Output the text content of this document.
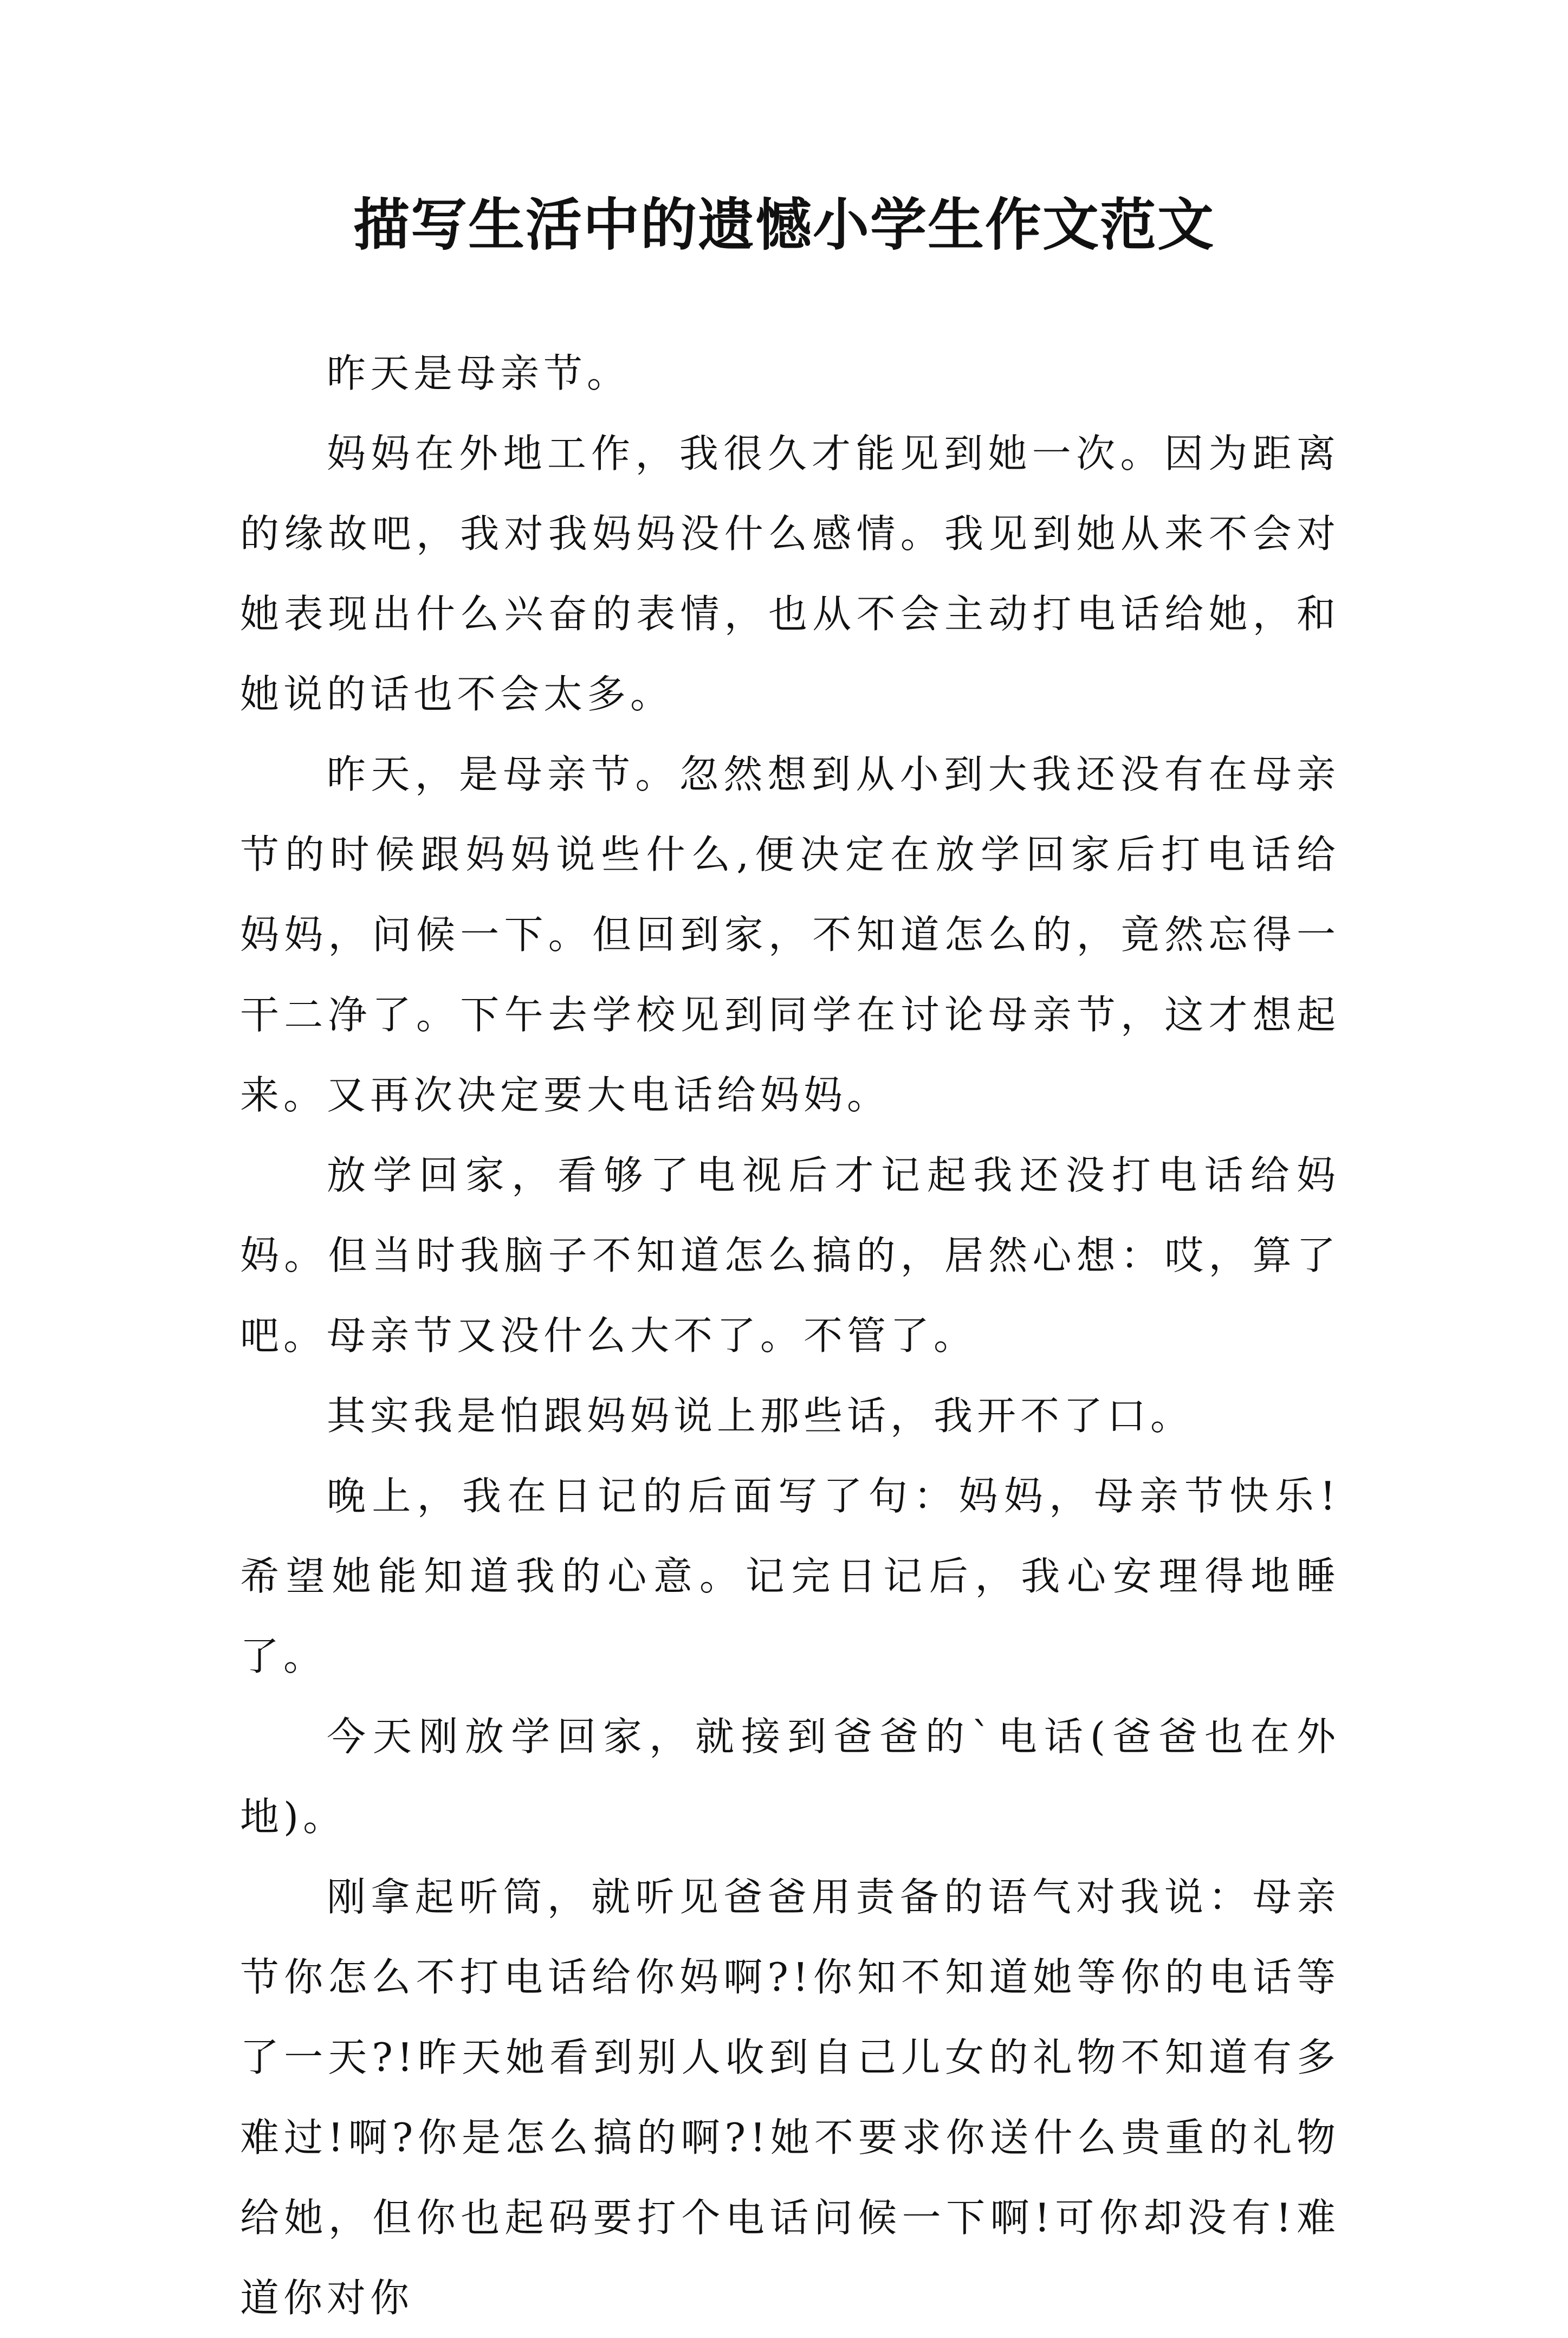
描写生活中的遗憾小学生作文范文

昨天是母亲节。

妈妈在外地工作，我很久才能见到她一次。因为距离的缘故吧，我对我妈妈没什么感情。我见到她从来不会对她表现出什么兴奋的表情，也从不会主动打电话给她，和她说的话也不会太多。

昨天，是母亲节。忽然想到从小到大我还没有在母亲节的时候跟妈妈说些什么,便决定在放学回家后打电话给妈妈，问候一下。但回到家，不知道怎么的，竟然忘得一干二净了。下午去学校见到同学在讨论母亲节，这才想起来。又再次决定要大电话给妈妈。

放学回家，看够了电视后才记起我还没打电话给妈妈。但当时我脑子不知道怎么搞的，居然心想：哎，算了吧。母亲节又没什么大不了。不管了。

其实我是怕跟妈妈说上那些话，我开不了口。

晚上，我在日记的后面写了句：妈妈，母亲节快乐!希望她能知道我的心意。记完日记后，我心安理得地睡了。

今天刚放学回家，就接到爸爸的`电话(爸爸也在外地)。

刚拿起听筒，就听见爸爸用责备的语气对我说：母亲节你怎么不打电话给你妈啊?!你知不知道她等你的电话等了一天?!昨天她看到别人收到自己儿女的礼物不知道有多难过!啊?你是怎么搞的啊?!她不要求你送什么贵重的礼物给她，但你也起码要打个电话问候一下啊!可你却没有!难道你对你
